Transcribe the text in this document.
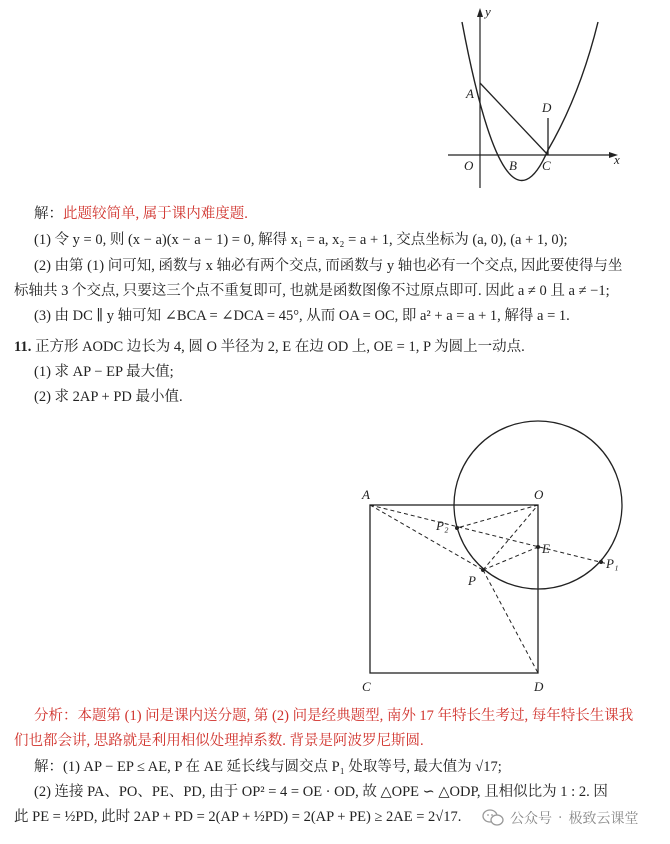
y
x
A
D
O	B C
解：此题较简单, 属于课内难度题.
(1) 令 y = 0, 则 (x − a)(x − a − 1) = 0, 解得 x₁ = a, x₂ = a + 1, 交点坐标为 (a, 0), (a + 1, 0);
(2) 由第 (1) 问可知, 函数与 x 轴必有两个交点, 而函数与 y 轴也必有一个交点, 因此要使得与坐
标轴共 3 个交点, 只要这三个点不重复即可, 也就是函数图像不过原点即可. 因此 a ≠ 0 且 a ≠ −1;
(3) 由 DC ∥ y 轴可知 ∠BCA = ∠DCA = 45°, 从而 OA = OC, 即 a² + a = a + 1, 解得 a = 1.
11. 正方形 AODC 边长为 4, 圆 O 半径为 2, E 在边 OD 上, OE = 1, P 为圆上一动点.
(1) 求 AP − EP 最大值;
(2) 求 2AP + PD 最小值.
A	O
P₂
E
P₁
P
C	D
分析：本题第 (1) 问是课内送分题, 第 (2) 问是经典题型, 南外 17 年特长生考过, 每年特长生课我
们也都会讲, 思路就是利用相似处理掉系数. 背景是阿波罗尼斯圆.
解：(1) AP − EP ≤ AE, P 在 AE 延长线与圆交点 P₁ 处取等号, 最大值为 √17;
(2) 连接 PA、PO、PE、PD, 由于 OP² = 4 = OE · OD, 故 △OPE ∽ △ODP, 且相似比为 1 : 2. 因
此 PE = ½PD, 此时 2AP + PD = 2(AP + ½PD) = 2(AP + PE) ≥ 2AE = 2√17.	公众号 · 极致云课堂
